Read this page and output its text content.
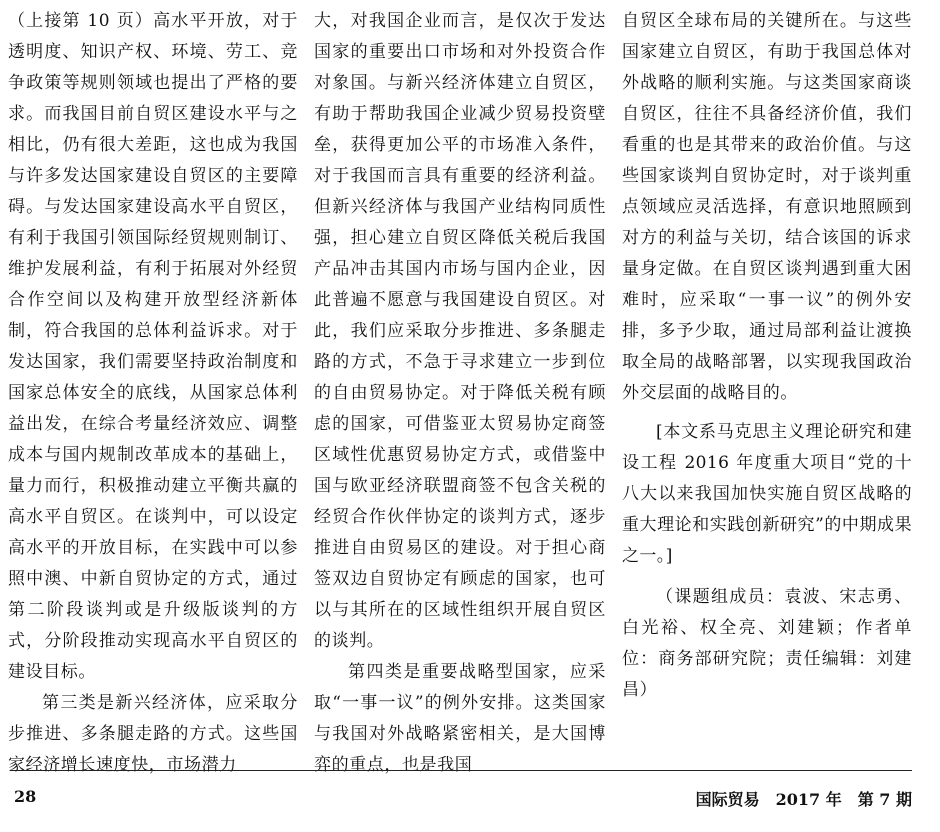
（上接第 10 页）高水平开放，对于透明度、知识产权、环境、劳工、竞争政策等规则领域也提出了严格的要求。而我国目前自贸区建设水平与之相比，仍有很大差距，这也成为我国与许多发达国家建设自贸区的主要障碍。与发达国家建设高水平自贸区，有利于我国引领国际经贸规则制订、维护发展利益，有利于拓展对外经贸合作空间以及构建开放型经济新体制，符合我国的总体利益诉求。对于发达国家，我们需要坚持政治制度和国家总体安全的底线，从国家总体利益出发，在综合考量经济效应、调整成本与国内规制改革成本的基础上，量力而行，积极推动建立平衡共赢的高水平自贸区。在谈判中，可以设定高水平的开放目标，在实践中可以参照中澳、中新自贸协定的方式，通过第二阶段谈判或是升级版谈判的方式，分阶段推动实现高水平自贸区的建设目标。

第三类是新兴经济体，应采取分步推进、多条腿走路的方式。这些国家经济增长速度快，市场潜力

大，对我国企业而言，是仅次于发达国家的重要出口市场和对外投资合作对象国。与新兴经济体建立自贸区，有助于帮助我国企业减少贸易投资壁垒，获得更加公平的市场准入条件，对于我国而言具有重要的经济利益。但新兴经济体与我国产业结构同质性强，担心建立自贸区降低关税后我国产品冲击其国内市场与国内企业，因此普遍不愿意与我国建设自贸区。对此，我们应采取分步推进、多条腿走路的方式，不急于寻求建立一步到位的自由贸易协定。对于降低关税有顾虑的国家，可借鉴亚太贸易协定商签区域性优惠贸易协定方式，或借鉴中国与欧亚经济联盟商签不包含关税的经贸合作伙伴协定的谈判方式，逐步推进自由贸易区的建设。对于担心商签双边自贸协定有顾虑的国家，也可以与其所在的区域性组织开展自贸区的谈判。

第四类是重要战略型国家，应采取“一事一议”的例外安排。这类国家与我国对外战略紧密相关，是大国博弈的重点，也是我国

自贸区全球布局的关键所在。与这些国家建立自贸区，有助于我国总体对外战略的顺利实施。与这类国家商谈自贸区，往往不具备经济价值，我们看重的也是其带来的政治价值。与这些国家谈判自贸协定时，对于谈判重点领域应灵活选择，有意识地照顾到对方的利益与关切，结合该国的诉求量身定做。在自贸区谈判遇到重大困难时，应采取“一事一议”的例外安排，多予少取，通过局部利益让渡换取全局的战略部署，以实现我国政治外交层面的战略目的。

[本文系马克思主义理论研究和建设工程 2016 年度重大项目“党的十八大以来我国加快实施自贸区战略的重大理论和实践创新研究”的中期成果之一。]

（课题组成员：袁波、宋志勇、白光裕、权全亮、刘建颖；作者单位：商务部研究院；责任编辑：刘建昌）

28	国际贸易　2017 年　第 7 期
